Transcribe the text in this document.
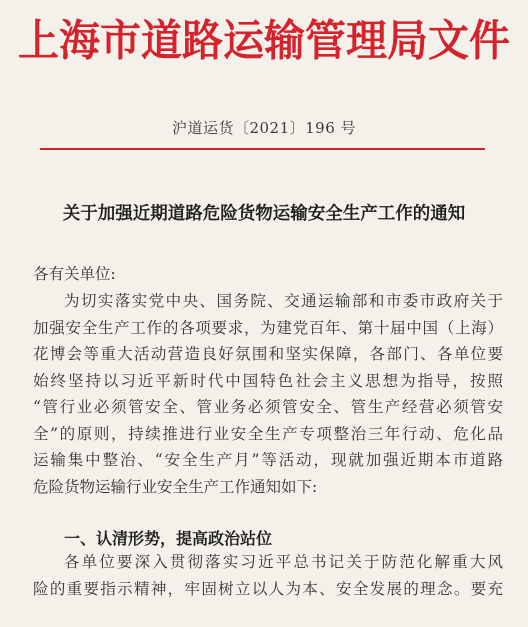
上海市道路运输管理局文件
沪道运货〔2021〕196 号
关于加强近期道路危险货物运输安全生产工作的通知
各有关单位:
为切实落实党中央、国务院、交通运输部和市委市政府关于
加强安全生产工作的各项要求，为建党百年、第十届中国（上海）
花博会等重大活动营造良好氛围和坚实保障，各部门、各单位要
始终坚持以习近平新时代中国特色社会主义思想为指导，按照
“管行业必须管安全、管业务必须管安全、管生产经营必须管安
全”的原则，持续推进行业安全生产专项整治三年行动、危化品
运输集中整治、“安全生产月”等活动，现就加强近期本市道路
危险货物运输行业安全生产工作通知如下:
一、认清形势，提高政治站位
各单位要深入贯彻落实习近平总书记关于防范化解重大风
险的重要指示精神，牢固树立以人为本、安全发展的理念。要充
